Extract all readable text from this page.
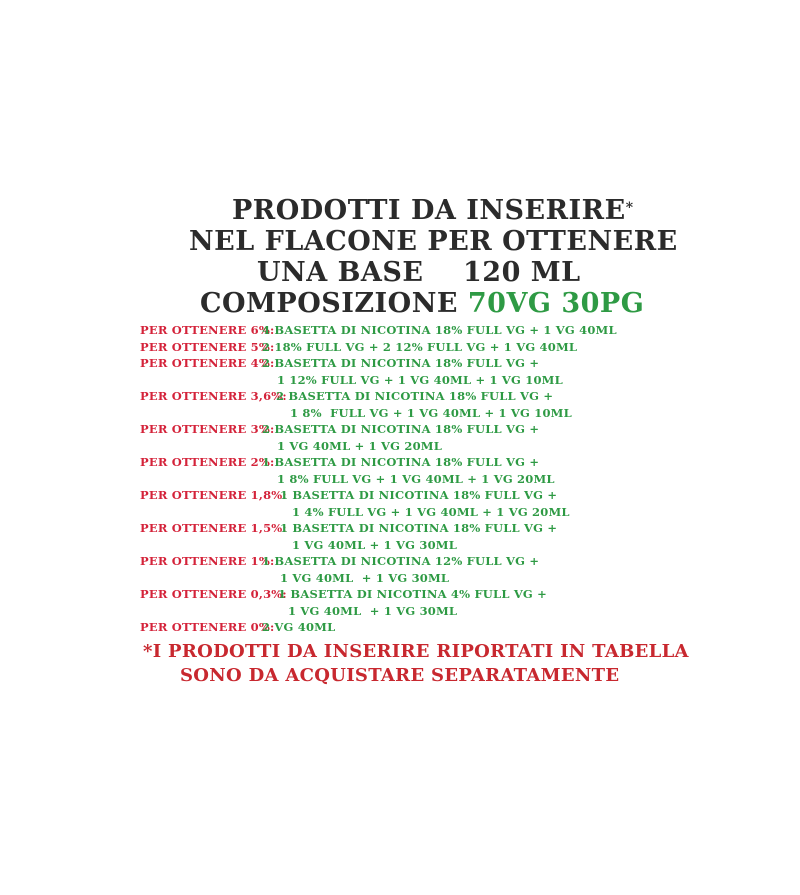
PRODOTTI DA INSERIRE*
NEL FLACONE PER OTTENERE
UNA BASE    120 ML
COMPOSIZIONE 70VG 30PG
PER OTTENERE 6%:
4 BASETTA DI NICOTINA 18% FULL VG + 1 VG 40ML
PER OTTENERE 5%:
2 18% FULL VG + 2 12% FULL VG + 1 VG 40ML
PER OTTENERE 4%:
2 BASETTA DI NICOTINA 18% FULL VG +
1 12% FULL VG + 1 VG 40ML + 1 VG 10ML
PER OTTENERE 3,6%:
2 BASETTA DI NICOTINA 18% FULL VG +
1 8%  FULL VG + 1 VG 40ML + 1 VG 10ML
PER OTTENERE 3%:
2 BASETTA DI NICOTINA 18% FULL VG +
1 VG 40ML + 1 VG 20ML
PER OTTENERE 2%:
1 BASETTA DI NICOTINA 18% FULL VG +
1 8% FULL VG + 1 VG 40ML + 1 VG 20ML
PER OTTENERE 1,8%:
1 BASETTA DI NICOTINA 18% FULL VG +
1 4% FULL VG + 1 VG 40ML + 1 VG 20ML
PER OTTENERE 1,5%:
1 BASETTA DI NICOTINA 18% FULL VG +
1 VG 40ML + 1 VG 30ML
PER OTTENERE 1%:
1 BASETTA DI NICOTINA 12% FULL VG +
1 VG 40ML  + 1 VG 30ML
PER OTTENERE 0,3%:
1 BASETTA DI NICOTINA 4% FULL VG +
1 VG 40ML  + 1 VG 30ML
PER OTTENERE 0%:
2 VG 40ML
*I PRODOTTI DA INSERIRE RIPORTATI IN TABELLA
SONO DA ACQUISTARE SEPARATAMENTE
